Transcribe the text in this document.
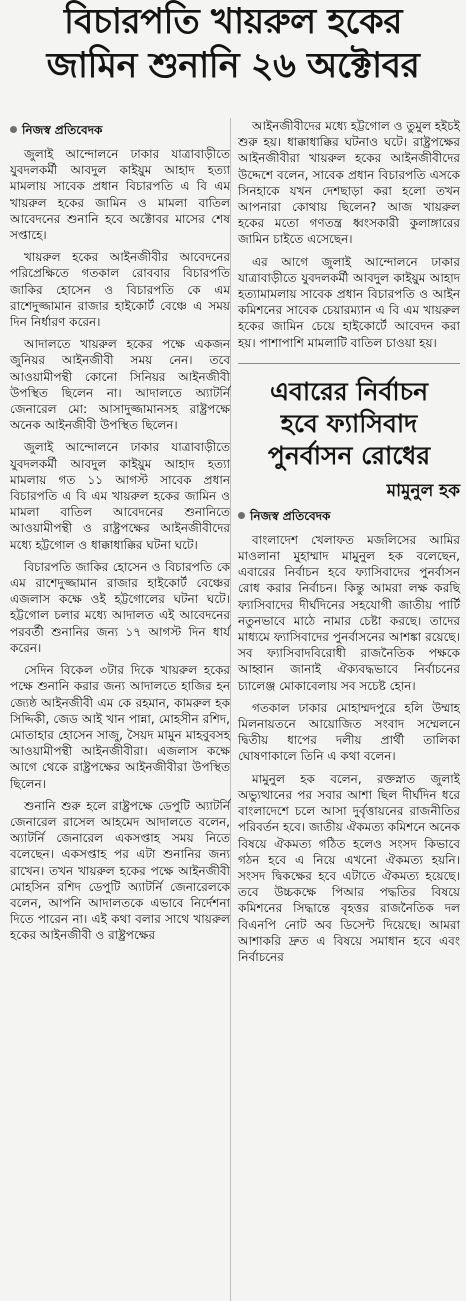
বিচারপতি খায়রুল হকের
জামিন শুনানি ২৬ অক্টোবর
নিজস্ব প্রতিবেদক

জুলাই আন্দোলনে ঢাকার যাত্রাবাড়ীতে যুবদলকর্মী আবদুল কাইয়ুম আহাদ হত্যা মামলায় সাবেক প্রধান বিচারপতি এ বি এম খায়রুল হকের জামিন ও মামলা বাতিল আবেদনের শুনানি হবে অক্টোবর মাসের শেষ সপ্তাহে।

খায়রুল হকের আইনজীবীর আবেদনের পরিপ্রেক্ষিতে গতকাল রোববার বিচারপতি জাকির হোসেন ও বিচারপতি কে এম রাশেদুজ্জামান রাজার হাইকোর্ট বেঞ্চে এ সময় দিন নির্ধারণ করেন।

আদালতে খায়রুল হকের পক্ষে একজন জুনিয়র আইনজীবী সময় নেন। তবে আওয়ামীপন্থী কোনো সিনিয়র আইনজীবী উপস্থিত ছিলেন না। আদালতে অ্যাটর্নি জেনারেল মো: আসাদুজ্জামানসহ রাষ্ট্রপক্ষে অনেক আইনজীবী উপস্থিত ছিলেন।

জুলাই আন্দোলনে ঢাকার যাত্রাবাড়ীতে যুবদলকর্মী আবদুল কাইয়ুম আহাদ হত্যা মামলায় গত ১১ আগস্ট সাবেক প্রধান বিচারপতি এ বি এম খায়রুল হকের জামিন ও মামলা বাতিল আবেদনের শুনানিতে আওয়ামীপন্থী ও রাষ্ট্রপক্ষের আইনজীবীদের মধ্যে হট্টগোল ও ধাক্কাধাক্কির ঘটনা ঘটে।

বিচারপতি জাকির হোসেন ও বিচারপতি কে এম রাশেদুজ্জামান রাজার হাইকোর্ট বেঞ্চের এজলাস কক্ষে ওই হট্টগোলের ঘটনা ঘটে। হট্টগোল চলার মধ্যে আদালত এই আবেদনের পরবর্তী শুনানির জন্য ১৭ আগস্ট দিন ধার্য করেন।

সেদিন বিকেল ৩টার দিকে খায়রুল হকের পক্ষে শুনানি করার জন্য আদালতে হাজির হন জ্যেষ্ঠ আইনজীবী এম কে রহমান, কামরুল হক সিদ্দিকী, জেড আই খান পান্না, মোহসীন রশিদ, মোতাহার হোসেন সাজু, সৈয়দ মামুন মাহবুবসহ আওয়ামীপন্থী আইনজীবীরা। এজলাস কক্ষে আগে থেকে রাষ্ট্রপক্ষের আইনজীবীরা উপস্থিত ছিলেন।

শুনানি শুরু হলে রাষ্ট্রপক্ষে ডেপুটি অ্যাটর্নি জেনারেল রাসেল আহমেদ আদালতে বলেন, অ্যাটর্নি জেনারেল একসপ্তাহ সময় নিতে বলেছেন। একসপ্তাহ পর এটা শুনানির জন্য রাখেন। তখন খায়রুল হকের পক্ষে আইনজীবী মোহসিন রশিদ ডেপুটি অ্যাটর্নি জেনারেলকে বলেন, আপনি আদালতকে এভাবে নির্দেশনা দিতে পারেন না। এই কথা বলার সাথে খায়রুল হকের আইনজীবী ও রাষ্ট্রপক্ষের

আইনজীবীদের মধ্যে হট্টগোল ও তুমুল হইচই শুরু হয়। ধাক্কাধাক্কির ঘটনাও ঘটে। রাষ্ট্রপক্ষের আইনজীবীরা খায়রুল হকের আইনজীবীদের উদ্দেশে বলেন, সাবেক প্রধান বিচারপতি এসকে সিনহাকে যখন দেশছাড়া করা হলো তখন আপনারা কোথায় ছিলেন? আজ খায়রুল হকের মতো গণতন্ত্র ধ্বংসকারী কুলাঙ্গারের জামিন চাইতে এসেছেন।

এর আগে জুলাই আন্দোলনে ঢাকার যাত্রাবাড়ীতে যুবদলকর্মী আবদুল কাইয়ুম আহাদ হত্যামামলায় সাবেক প্রধান বিচারপতি ও আইন কমিশনের সাবেক চেয়ারম্যান এ বি এম খায়রুল হকের জামিন চেয়ে হাইকোর্টে আবেদন করা হয়। পাশাপাশি মামলাটি বাতিল চাওয়া হয়।

এবারের নির্বাচন
হবে ফ্যাসিবাদ
পুনর্বাসন রোধের
মামুনুল হক
নিজস্ব প্রতিবেদক

বাংলাদেশ খেলাফত মজলিসের আমির মাওলানা মুহাম্মাদ মামুনুল হক বলেছেন, এবারের নির্বাচন হবে ফ্যাসিবাদের পুনর্বাসন রোধ করার নির্বাচন। কিন্তু আমরা লক্ষ করছি ফ্যাসিবাদের দীর্ঘদিনের সহযোগী জাতীয় পার্টি নতুনভাবে মাঠে নামার চেষ্টা করছে। তাদের মাধ্যমে ফ্যাসিবাদের পুনর্বাসনের আশঙ্কা রয়েছে। সব ফ্যাসিবাদবিরোধী রাজনৈতিক পক্ষকে আহ্বান জানাই ঐক্যবদ্ধভাবে নির্বাচনের চ্যালেঞ্জ মোকাবেলায় সব সচেষ্ট হোন।

গতকাল ঢাকার মোহাম্মদপুরে হলি উম্মাহ মিলনায়তনে আয়োজিত সংবাদ সম্মেলনে দ্বিতীয় ধাপের দলীয় প্রার্থী তালিকা ঘোষণাকালে তিনি এ কথা বলেন।

মামুনুল হক বলেন, রক্তস্নাত জুলাই অভ্যুত্থানের পর সবার আশা ছিল দীর্ঘদিন ধরে বাংলাদেশে চলে আসা দুর্বৃত্তায়নের রাজনীতির পরিবর্তন হবে। জাতীয় ঐকমত্য কমিশনে অনেক বিষয়ে ঐকমত্য গঠিত হলেও সংসদ কিভাবে গঠন হবে এ নিয়ে এখনো ঐকমত্য হয়নি। সংসদ দ্বিকক্ষের হবে এটাতে ঐকমত্য হয়েছে। তবে উচ্চকক্ষে পিআর পদ্ধতির বিষয়ে কমিশনের সিদ্ধান্তে বৃহত্তর রাজনৈতিক দল বিএনপি নোট অব ডিসেন্ট দিয়েছে। আমরা আশাকরি দ্রুত এ বিষয়ে সমাধান হবে এবং নির্বাচনের
